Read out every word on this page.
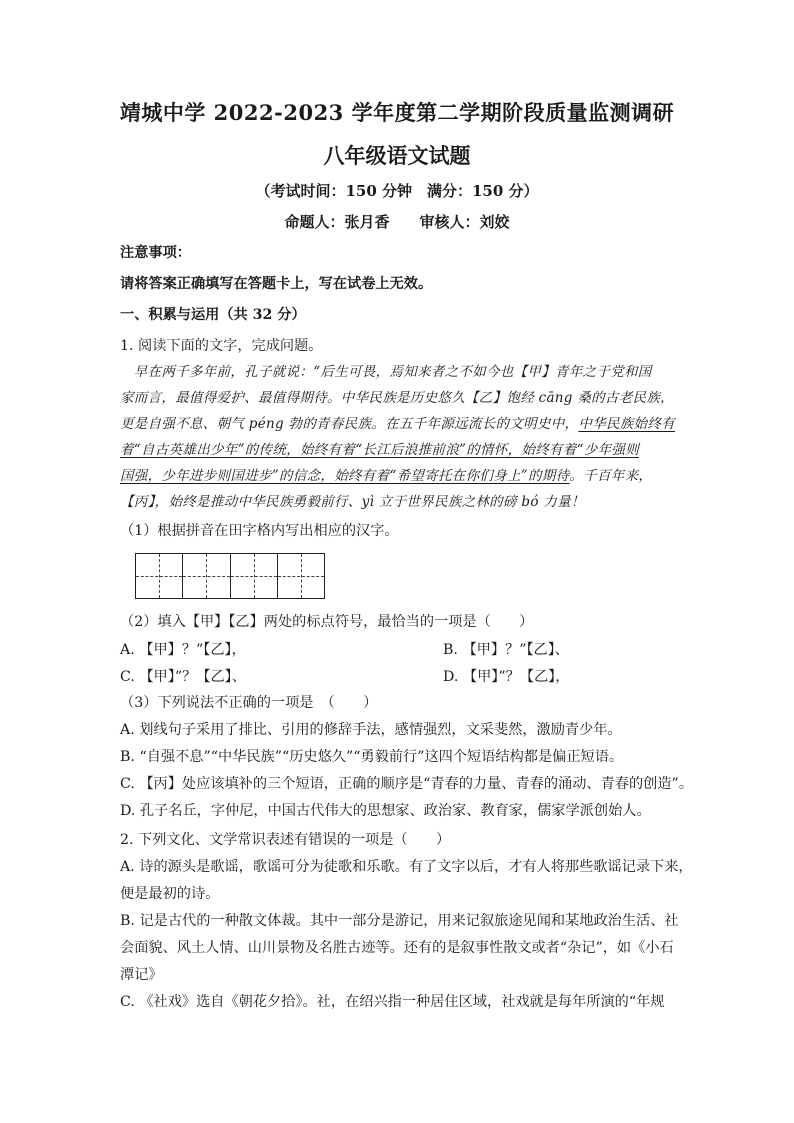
靖城中学 2022-2023 学年度第二学期阶段质量监测调研
八年级语文试题
（考试时间：150 分钟　满分：150 分）
命题人：张月香　　审核人：刘姣
注意事项：
请将答案正确填写在答题卡上，写在试卷上无效。
一、积累与运用（共 32 分）
1. 阅读下面的文字，完成问题。
　早在两千多年前，孔子就说：“后生可畏，焉知来者之不如今也【甲】青年之于党和国
家而言，最值得爱护、最值得期待。中华民族是历史悠久【乙】饱经 cāng 桑的古老民族，
更是自强不息、朝气 péng 勃的青春民族。在五千年源远流长的文明史中，中华民族始终有
着“自古英雄出少年”的传统，始终有着“长江后浪推前浪”的情怀，始终有着“少年强则
国强，少年进步则国进步”的信念，始终有着“希望寄托在你们身上”的期待。千百年来，
【丙】，始终是推动中华民族勇毅前行、yì 立于世界民族之林的磅 bó 力量！
（1）根据拼音在田字格内写出相应的汉字。
（2）填入【甲】【乙】两处的标点符号，最恰当的一项是（　　）
A. 【甲】？”【乙】，	B. 【甲】？”【乙】、
C. 【甲】”？【乙】、	D. 【甲】”？【乙】，
（3）下列说法不正确的一项是　（　　）
A. 划线句子采用了排比、引用的修辞手法，感情强烈，文采斐然，激励青少年。
B. “自强不息”“中华民族”“历史悠久”“勇毅前行”这四个短语结构都是偏正短语。
C. 【丙】处应该填补的三个短语，正确的顺序是“青春的力量、青春的涌动、青春的创造”。
D. 孔子名丘，字仲尼，中国古代伟大的思想家、政治家、教育家，儒家学派创始人。
2. 下列文化、文学常识表述有错误的一项是（　　）
A. 诗的源头是歌谣，歌谣可分为徒歌和乐歌。有了文字以后，才有人将那些歌谣记录下来，
便是最初的诗。
B. 记是古代的一种散文体裁。其中一部分是游记，用来记叙旅途见闻和某地政治生活、社
会面貌、风土人情、山川景物及名胜古迹等。还有的是叙事性散文或者“杂记”，如《小石
潭记》
C. 《社戏》选自《朝花夕拾》。社，在绍兴指一种居住区域，社戏就是每年所演的“年规
